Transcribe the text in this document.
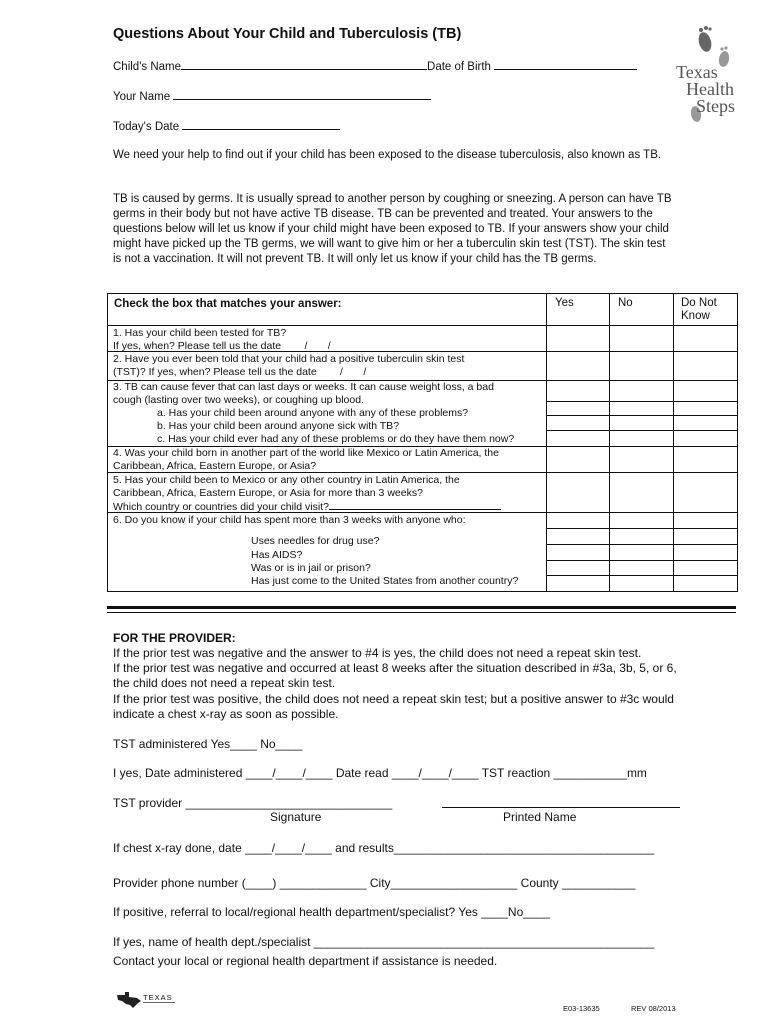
Questions About Your Child and Tuberculosis (TB)
Texas
Health
Steps
Child's Name	Date of Birth
Your Name
Today's Date
We need your help to find out if your child has been exposed to the disease tuberculosis, also known as TB.
TB is caused by germs. It is usually spread to another person by coughing or sneezing. A person can have TB germs in their body but not have active TB disease. TB can be prevented and treated. Your answers to the questions below will let us know if your child might have been exposed to TB. If your answers show your child might have picked up the TB germs, we will want to give him or her a tuberculin skin test (TST). The skin test is not a vaccination. It will not prevent TB. It will only let us know if your child has the TB germs.
Check the box that matches your answer:	Yes	No	Do Not
Know
1. Has your child been tested for TB?
If yes, when? Please tell us the date        /       /
2. Have you ever been told that your child had a positive tuberculin skin test
(TST)? If yes, when? Please tell us the date        /       /
3. TB can cause fever that can last days or weeks. It can cause weight loss, a bad
cough (lasting over two weeks), or coughing up blood.
a. Has your child been around anyone with any of these problems?
b. Has your child been around anyone sick with TB?
c. Has your child ever had any of these problems or do they have them now?
4. Was your child born in another part of the world like Mexico or Latin America, the
Caribbean, Africa, Eastern Europe, or Asia?
5. Has your child been to Mexico or any other country in Latin America, the
Caribbean, Africa, Eastern Europe, or Asia for more than 3 weeks?
Which country or countries did your child visit?
6. Do you know if your child has spent more than 3 weeks with anyone who:
Uses needles for drug use?
Has AIDS?
Was or is in jail or prison?
Has just come to the United States from another country?
FOR THE PROVIDER:
If the prior test was negative and the answer to #4 is yes, the child does not need a repeat skin test.
If the prior test was negative and occurred at least 8 weeks after the situation described in #3a, 3b, 5, or 6, the child does not need a repeat skin test.
If the prior test was positive, the child does not need a repeat skin test; but a positive answer to #3c would indicate a chest x-ray as soon as possible.
TST administered Yes____ No____
I yes, Date administered ____/____/____ Date read ____/____/____ TST reaction ___________mm
TST provider _______________________________
Signature	Printed Name
If chest x-ray done, date ____/____/____ and results_______________________________________
Provider phone number (____) _____________ City___________________ County ___________
If positive, referral to local/regional health department/specialist? Yes ____No____
If yes, name of health dept./specialist ___________________________________________________
Contact your local or regional health department if assistance is needed.
TEXAS
E03-13635	REV 08/2013
